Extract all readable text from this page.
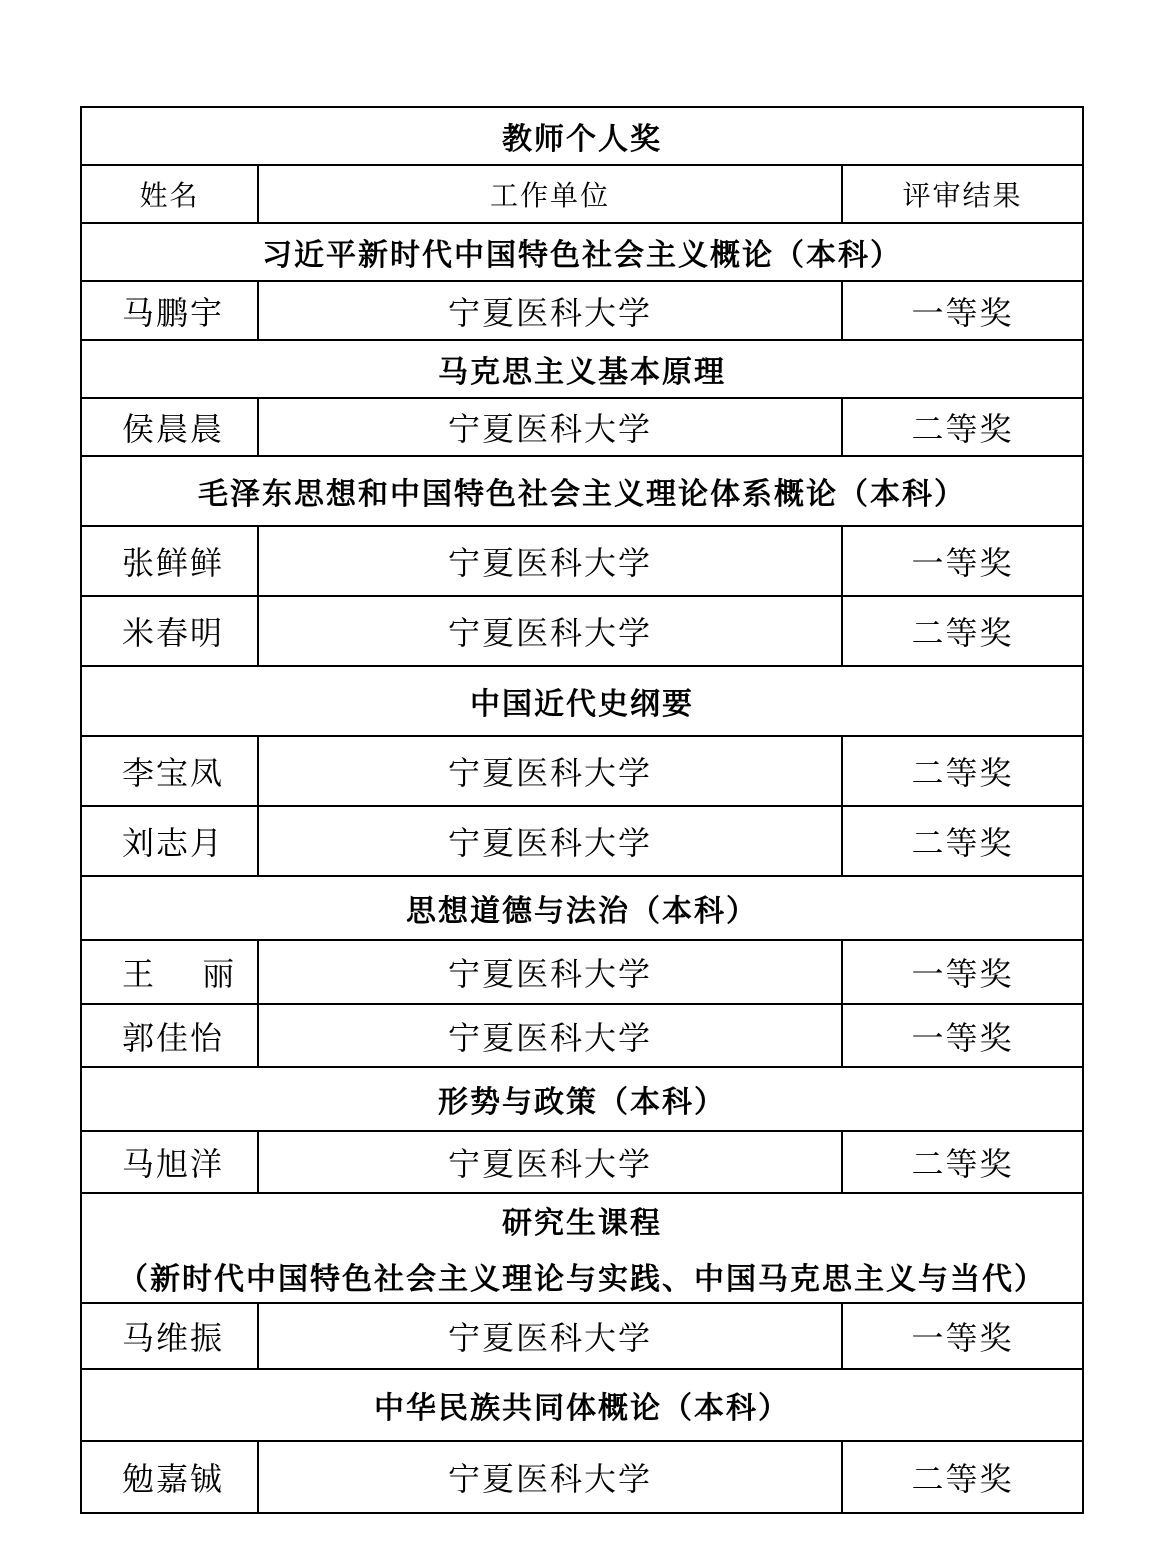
教师个人奖		
姓名	工作单位	评审结果
习近平新时代中国特色社会主义概论（本科）		
马鹏宇	宁夏医科大学	一等奖
马克思主义基本原理		
侯晨晨	宁夏医科大学	二等奖
毛泽东思想和中国特色社会主义理论体系概论（本科）		
张鲜鲜	宁夏医科大学	一等奖
米春明	宁夏医科大学	二等奖
中国近代史纲要		
李宝凤	宁夏医科大学	二等奖
刘志月	宁夏医科大学	二等奖
思想道德与法治（本科）		
王　 丽	宁夏医科大学	一等奖
郭佳怡	宁夏医科大学	一等奖
形势与政策（本科）		
马旭洋	宁夏医科大学	二等奖

研究生课程
（新时代中国特色社会主义理论与实践、中国马克思主义与当代）		

马维振	宁夏医科大学	一等奖
中华民族共同体概论（本科）		
勉嘉铖	宁夏医科大学	二等奖
